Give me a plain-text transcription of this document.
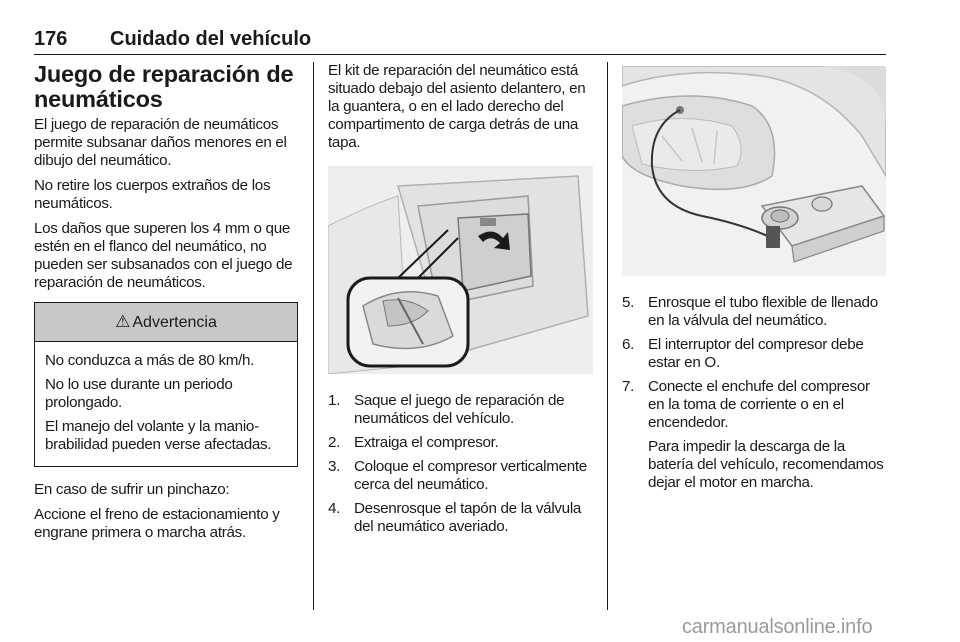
176 Cuidado del vehículo
Juego de reparación de neumáticos

El juego de reparación de neumáticos permite subsanar daños menores en el dibujo del neumático.

No retire los cuerpos extraños de los neumáticos.

Los daños que superen los 4 mm o que estén en el flanco del neumático, no pueden ser subsanados con el juego de reparación de neumáticos.

⚠ Advertencia

No conduzca a más de 80 km/h.

No lo use durante un periodo prolongado.

El manejo del volante y la maniobrabilidad pueden verse afectadas.

En caso de sufrir un pinchazo:

Accione el freno de estacionamiento y engrane primera o marcha atrás.

El kit de reparación del neumático está situado debajo del asiento delantero, en la guantera, o en el lado derecho del compartimento de carga detrás de una tapa.

1. Saque el juego de reparación de neumáticos del vehículo.
2. Extraiga el compresor.
3. Coloque el compresor verticalmente cerca del neumático.
4. Desenrosque el tapón de la válvula del neumático averiado.
5. Enrosque el tubo flexible de llenado en la válvula del neumático.
6. El interruptor del compresor debe estar en O.
7. Conecte el enchufe del compresor en la toma de corriente o en el encendedor.
Para impedir la descarga de la batería del vehículo, recomendamos dejar el motor en marcha.
carmanualsonline.info
